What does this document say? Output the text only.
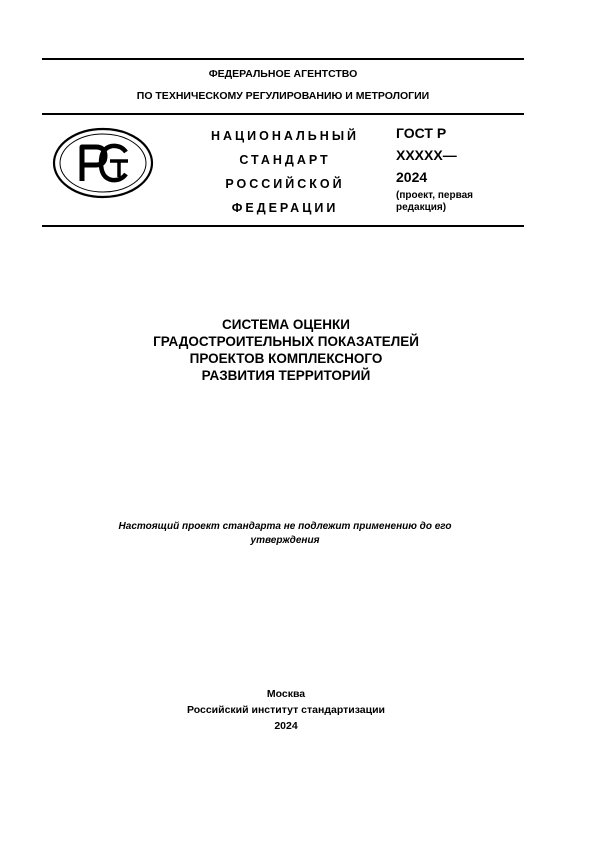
ФЕДЕРАЛЬНОЕ АГЕНТСТВО
ПО ТЕХНИЧЕСКОМУ РЕГУЛИРОВАНИЮ И МЕТРОЛОГИИ
НАЦИОНАЛЬНЫЙ
СТАНДАРТ
РОССИЙСКОЙ
ФЕДЕРАЦИИ
ГОСТ Р
XXXXX—
2024
(проект, первая
редакция)
СИСТЕМА ОЦЕНКИ
ГРАДОСТРОИТЕЛЬНЫХ ПОКАЗАТЕЛЕЙ
ПРОЕКТОВ КОМПЛЕКСНОГО
РАЗВИТИЯ ТЕРРИТОРИЙ
Настоящий проект стандарта не подлежит применению до его
утверждения
Москва
Российский институт стандартизации
2024
